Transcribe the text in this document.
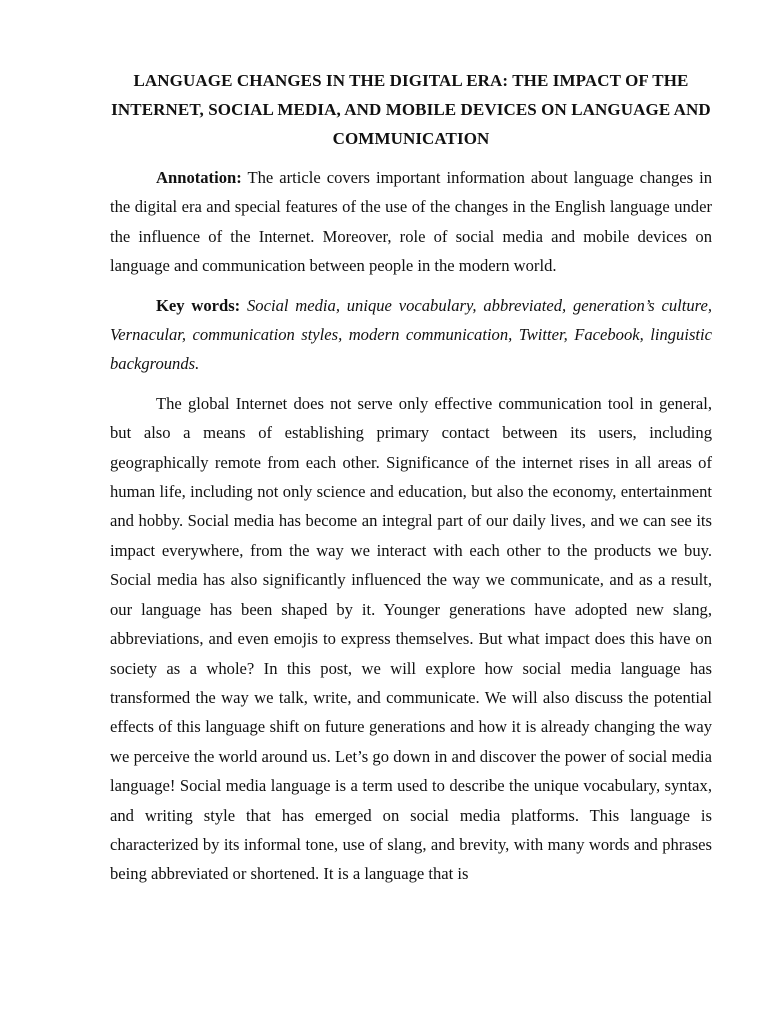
LANGUAGE CHANGES IN THE DIGITAL ERA: THE IMPACT OF THE INTERNET, SOCIAL MEDIA, AND MOBILE DEVICES ON LANGUAGE AND COMMUNICATION

Annotation: The article covers important information about language changes in the digital era and special features of the use of the changes in the English language under the influence of the Internet. Moreover, role of social media and mobile devices on language and communication between people in the modern world.

Key words: Social media, unique vocabulary, abbreviated, generation’s culture, Vernacular, communication styles, modern communication, Twitter, Facebook, linguistic backgrounds.

The global Internet does not serve only effective communication tool in general, but also a means of establishing primary contact between its users, including geographically remote from each other. Significance of the internet rises in all areas of human life, including not only science and education, but also the economy, entertainment and hobby. Social media has become an integral part of our daily lives, and we can see its impact everywhere, from the way we interact with each other to the products we buy. Social media has also significantly influenced the way we communicate, and as a result, our language has been shaped by it. Younger generations have adopted new slang, abbreviations, and even emojis to express themselves. But what impact does this have on society as a whole? In this post, we will explore how social media language has transformed the way we talk, write, and communicate. We will also discuss the potential effects of this language shift on future generations and how it is already changing the way we perceive the world around us. Let’s go down in and discover the power of social media language! Social media language is a term used to describe the unique vocabulary, syntax, and writing style that has emerged on social media platforms. This language is characterized by its informal tone, use of slang, and brevity, with many words and phrases being abbreviated or shortened. It is a language that is
